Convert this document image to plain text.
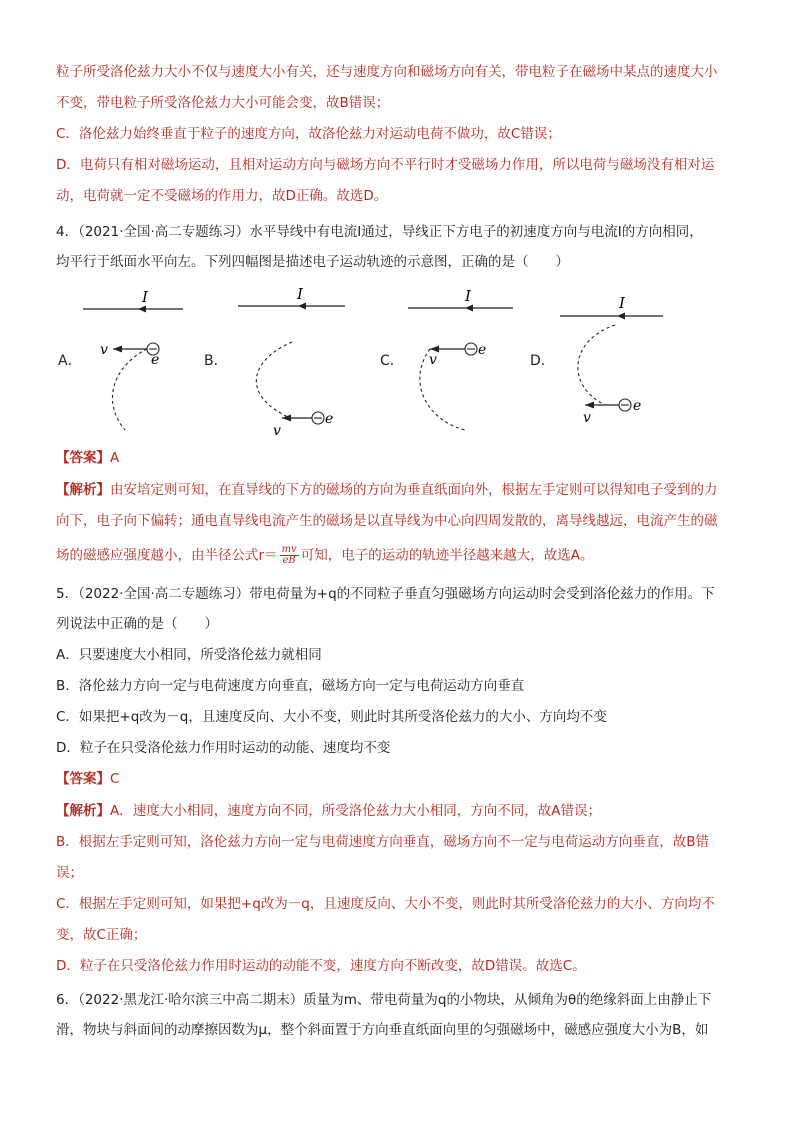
粒子所受洛伦兹力大小不仅与速度大小有关，还与速度方向和磁场方向有关，带电粒子在磁场中某点的速度大小
不变，带电粒子所受洛伦兹力大小可能会变，故B错误；
C．洛伦兹力始终垂直于粒子的速度方向，故洛伦兹力对运动电荷不做功，故C错误；
D．电荷只有相对磁场运动，且相对运动方向与磁场方向不平行时才受磁场力作用，所以电荷与磁场没有相对运
动，电荷就一定不受磁场的作用力，故D正确。故选D。
4．（2021·全国·高二专题练习）水平导线中有电流I通过，导线正下方电子的初速度方向与电流I的方向相同，
均平行于纸面水平向左。下列四幅图是描述电子运动轨迹的示意图，正确的是（　　）
A．	B．	C．	D．
I
v
e
I
e
v
I
e
v
I
e
v
【答案】A
【解析】由安培定则可知，在直导线的下方的磁场的方向为垂直纸面向外，根据左手定则可以得知电子受到的力
向下，电子向下偏转；通电直导线电流产生的磁场是以直导线为中心向四周发散的，离导线越远，电流产生的磁
场的磁感应强度越小，由半径公式$r= \frac{mv}{eB}$ 可知，电子的运动的轨迹半径越来越大，故选A。
5．（2022·全国·高二专题练习）带电荷量为+q的不同粒子垂直匀强磁场方向运动时会受到洛伦兹力的作用。下
列说法中正确的是（　　）
A．只要速度大小相同，所受洛伦兹力就相同
B．洛伦兹力方向一定与电荷速度方向垂直，磁场方向一定与电荷运动方向垂直
C．如果把+q改为－q，且速度反向、大小不变，则此时其所受洛伦兹力的大小、方向均不变
D．粒子在只受洛伦兹力作用时运动的动能、速度均不变
【答案】C
【解析】A．速度大小相同，速度方向不同，所受洛伦兹力大小相同，方向不同，故A错误；
B．根据左手定则可知，洛伦兹力方向一定与电荷速度方向垂直，磁场方向不一定与电荷运动方向垂直，故B错
误；
C．根据左手定则可知，如果把+q改为－q，且速度反向、大小不变，则此时其所受洛伦兹力的大小、方向均不
变，故C正确；
D．粒子在只受洛伦兹力作用时运动的动能不变，速度方向不断改变，故D错误。故选C。
6．（2022·黑龙江·哈尔滨三中高二期末）质量为m、带电荷量为q的小物块，从倾角为θ的绝缘斜面上由静止下
滑，物块与斜面间的动摩擦因数为μ，整个斜面置于方向垂直纸面向里的匀强磁场中，磁感应强度大小为B，如
